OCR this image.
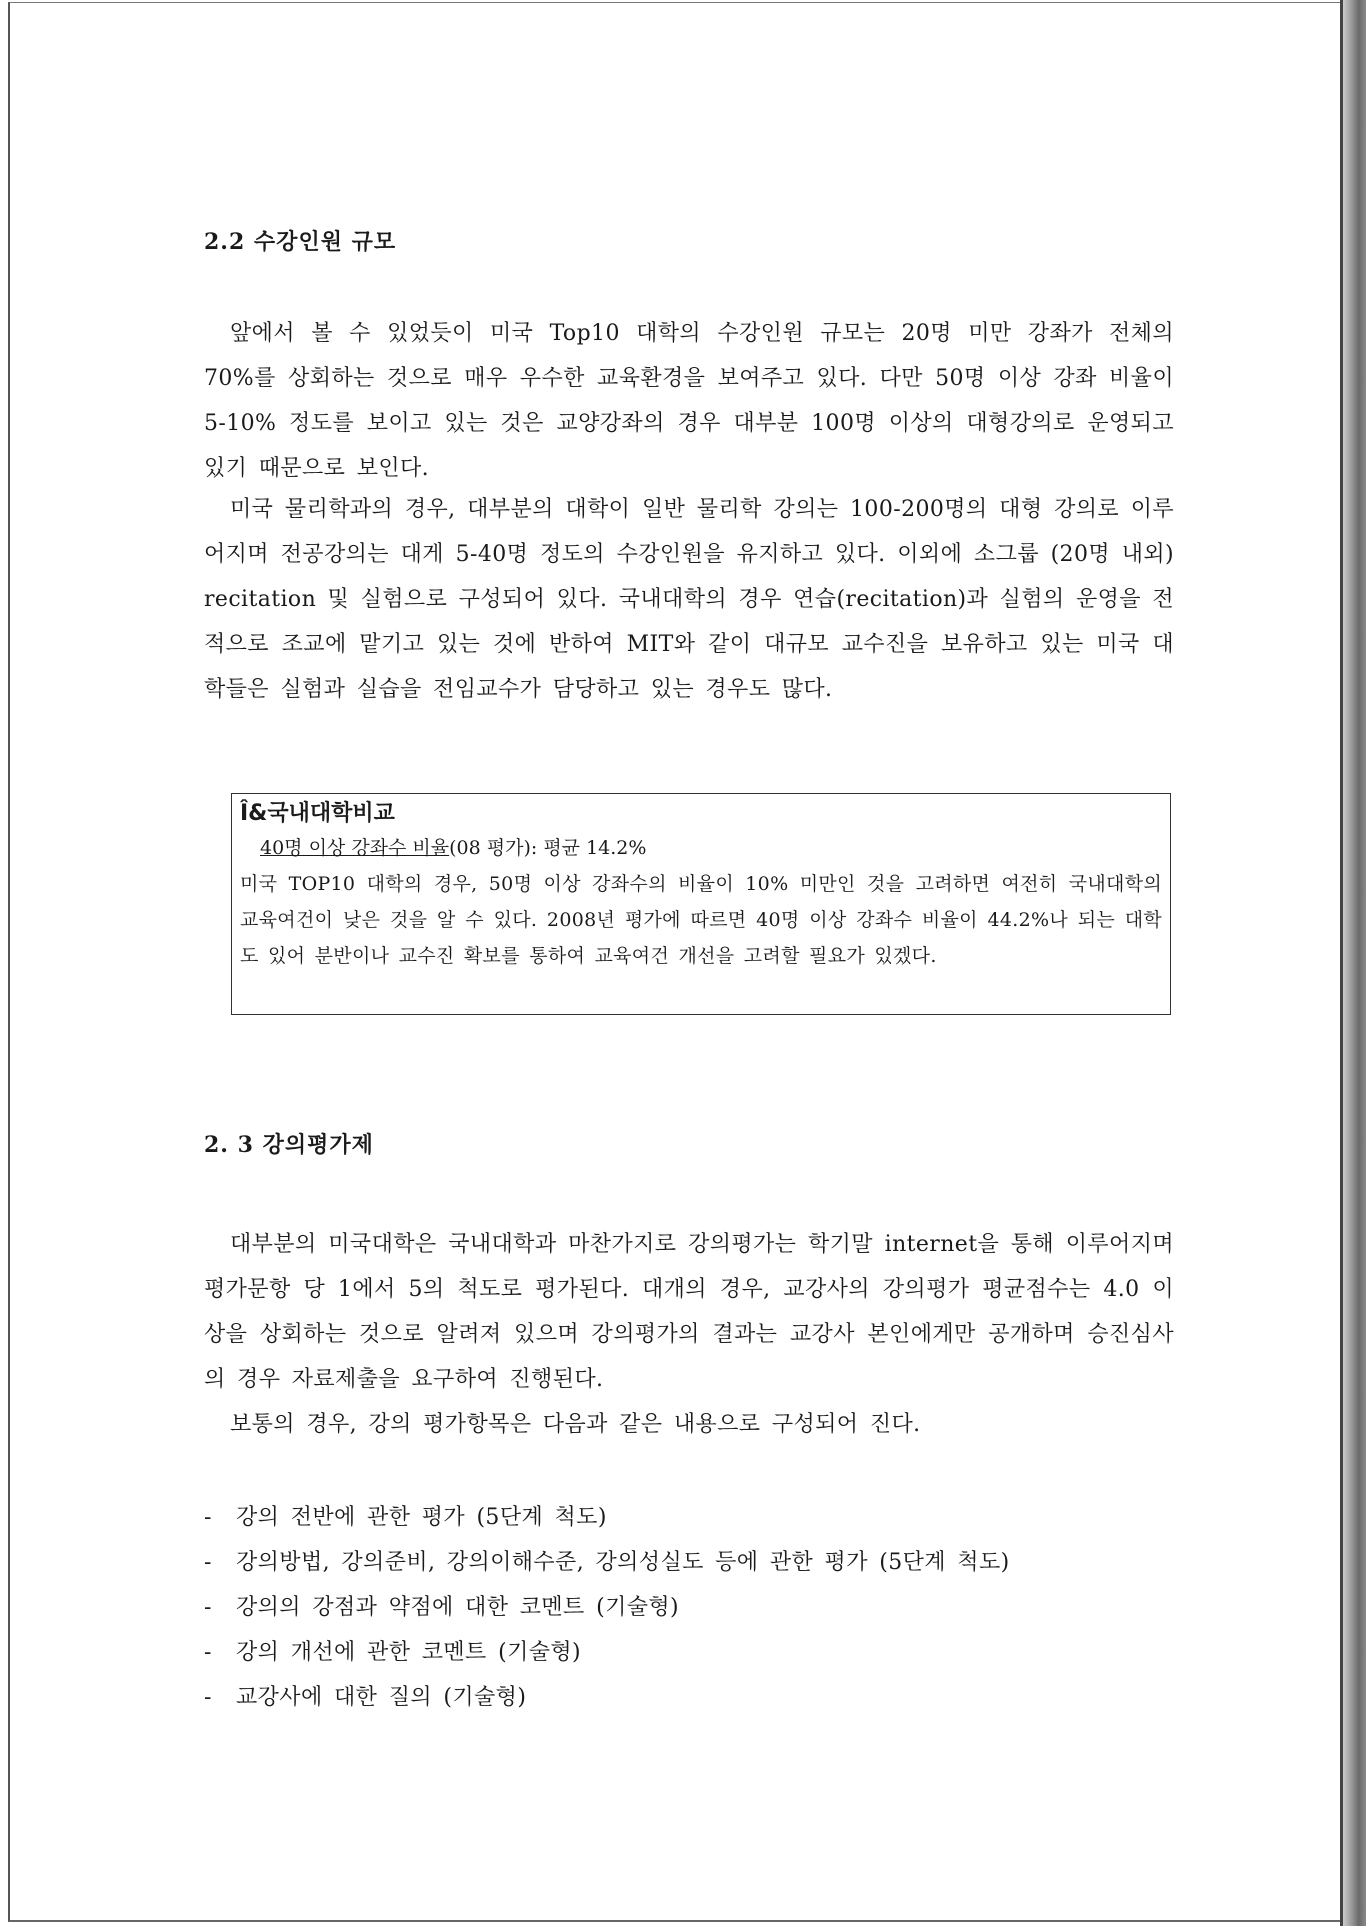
2.2 수강인원 규모

앞에서 볼 수 있었듯이 미국 Top10 대학의 수강인원 규모는 20명 미만 강좌가 전체의 70%를 상회하는 것으로 매우 우수한 교육환경을 보여주고 있다. 다만 50명 이상 강좌 비율이 5-10% 정도를 보이고 있는 것은 교양강좌의 경우 대부분 100명 이상의 대형강의로 운영되고 있기 때문으로 보인다.

미국 물리학과의 경우, 대부분의 대학이 일반 물리학 강의는 100-200명의 대형 강의로 이루어지며 전공강의는 대게 5-40명 정도의 수강인원을 유지하고 있다. 이외에 소그룹 (20명 내외) recitation 및 실험으로 구성되어 있다. 국내대학의 경우 연습(recitation)과 실험의 운영을 전적으로 조교에 맡기고 있는 것에 반하여 MIT와 같이 대규모 교수진을 보유하고 있는 미국 대학들은 실험과 실습을 전임교수가 담당하고 있는 경우도 많다.

Î&국내대학비교

40명 이상 강좌수 비율(08 평가): 평균 14.2%

미국 TOP10 대학의 경우, 50명 이상 강좌수의 비율이 10% 미만인 것을 고려하면 여전히 국내대학의 교육여건이 낮은 것을 알 수 있다. 2008년 평가에 따르면 40명 이상 강좌수 비율이 44.2%나 되는 대학도 있어 분반이나 교수진 확보를 통하여 교육여건 개선을 고려할 필요가 있겠다.

2. 3 강의평가제

대부분의 미국대학은 국내대학과 마찬가지로 강의평가는 학기말 internet을 통해 이루어지며 평가문항 당 1에서 5의 척도로 평가된다. 대개의 경우, 교강사의 강의평가 평균점수는 4.0 이상을 상회하는 것으로 알려져 있으며 강의평가의 결과는 교강사 본인에게만 공개하며 승진심사의 경우 자료제출을 요구하여 진행된다.

보통의 경우, 강의 평가항목은 다음과 같은 내용으로 구성되어 진다.

- 강의 전반에 관한 평가 (5단계 척도)
- 강의방법, 강의준비, 강의이해수준, 강의성실도 등에 관한 평가 (5단계 척도)
- 강의의 강점과 약점에 대한 코멘트 (기술형)
- 강의 개선에 관한 코멘트 (기술형)
- 교강사에 대한 질의 (기술형)
